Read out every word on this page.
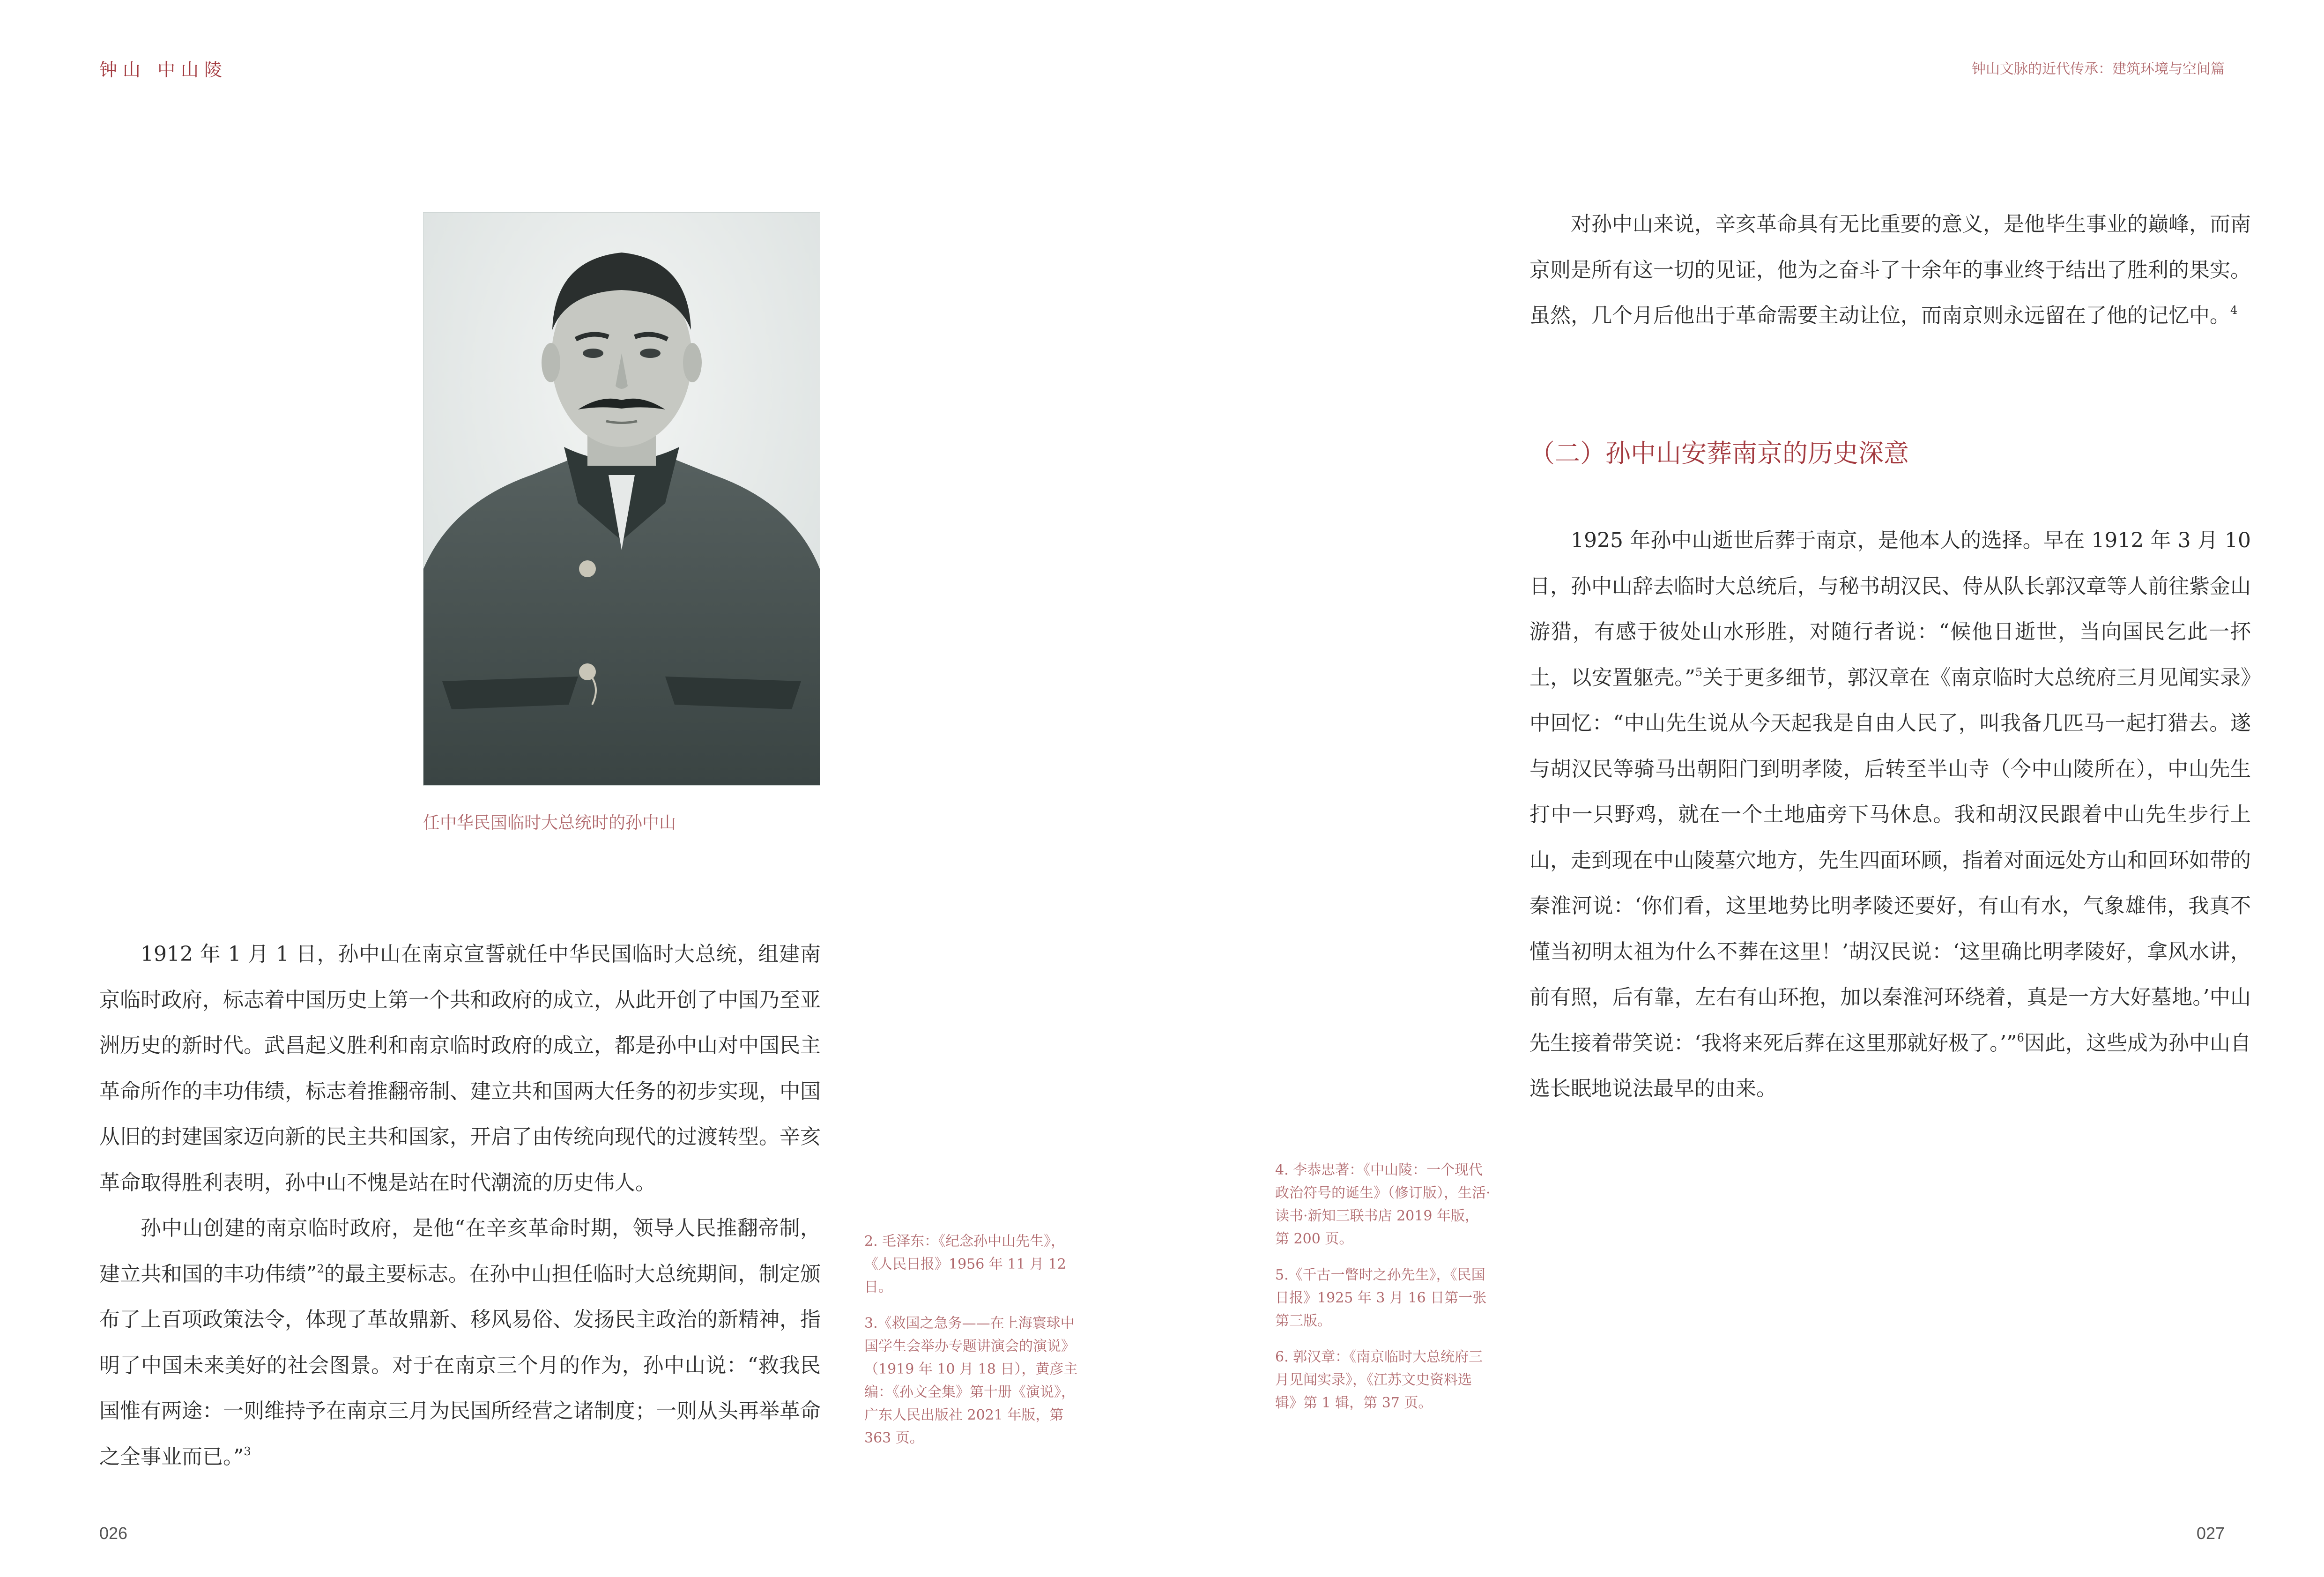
钟山 中山陵	钟山文脉的近代传承：建筑环境与空间篇
任中华民国临时大总统时的孙中山

1912 年 1 月 1 日，孙中山在南京宣誓就任中华民国临时大总统，组建南京临时政府，标志着中国历史上第一个共和政府的成立，从此开创了中国乃至亚洲历史的新时代。武昌起义胜利和南京临时政府的成立，都是孙中山对中国民主革命所作的丰功伟绩，标志着推翻帝制、建立共和国两大任务的初步实现，中国从旧的封建国家迈向新的民主共和国家，开启了由传统向现代的过渡转型。辛亥革命取得胜利表明，孙中山不愧是站在时代潮流的历史伟人。

孙中山创建的南京临时政府，是他“在辛亥革命时期，领导人民推翻帝制，建立共和国的丰功伟绩”$^2$的最主要标志。在孙中山担任临时大总统期间，制定颁布了上百项政策法令，体现了革故鼎新、移风易俗、发扬民主政治的新精神，指明了中国未来美好的社会图景。对于在南京三个月的作为，孙中山说：“救我民国惟有两途：一则维持予在南京三月为民国所经营之诸制度；一则从头再举革命之全事业而已。”$^3$

2. 毛泽东：《纪念孙中山先生》，《人民日报》1956 年 11 月 12 日。

3.《救国之急务——在上海寰球中国学生会举办专题讲演会的演说》（1919 年 10 月 18 日），黄彦主编：《孙文全集》第十册《演说》，广东人民出版社 2021 年版，第 363 页。

4. 李恭忠著：《中山陵：一个现代政治符号的诞生》（修订版），生活·读书·新知三联书店 2019 年版，第 200 页。

5.《千古一瞥时之孙先生》，《民国日报》1925 年 3 月 16 日第一张第三版。

6. 郭汉章：《南京临时大总统府三月见闻实录》，《江苏文史资料选辑》第 1 辑，第 37 页。

对孙中山来说，辛亥革命具有无比重要的意义，是他毕生事业的巅峰，而南京则是所有这一切的见证，他为之奋斗了十余年的事业终于结出了胜利的果实。虽然，几个月后他出于革命需要主动让位，而南京则永远留在了他的记忆中。$^4$

（二）孙中山安葬南京的历史深意

1925 年孙中山逝世后葬于南京，是他本人的选择。早在 1912 年 3 月 10 日，孙中山辞去临时大总统后，与秘书胡汉民、侍从队长郭汉章等人前往紫金山游猎，有感于彼处山水形胜，对随行者说：“候他日逝世，当向国民乞此一抔土，以安置躯壳。”$^5$关于更多细节，郭汉章在《南京临时大总统府三月见闻实录》中回忆：“中山先生说从今天起我是自由人民了，叫我备几匹马一起打猎去。遂与胡汉民等骑马出朝阳门到明孝陵，后转至半山寺（今中山陵所在），中山先生打中一只野鸡，就在一个土地庙旁下马休息。我和胡汉民跟着中山先生步行上山，走到现在中山陵墓穴地方，先生四面环顾，指着对面远处方山和回环如带的秦淮河说：‘你们看，这里地势比明孝陵还要好，有山有水，气象雄伟，我真不懂当初明太祖为什么不葬在这里！’胡汉民说：‘这里确比明孝陵好，拿风水讲，前有照，后有靠，左右有山环抱，加以秦淮河环绕着，真是一方大好墓地。’中山先生接着带笑说：‘我将来死后葬在这里那就好极了。’”$^6$因此，这些成为孙中山自选长眠地说法最早的由来。

026	027
